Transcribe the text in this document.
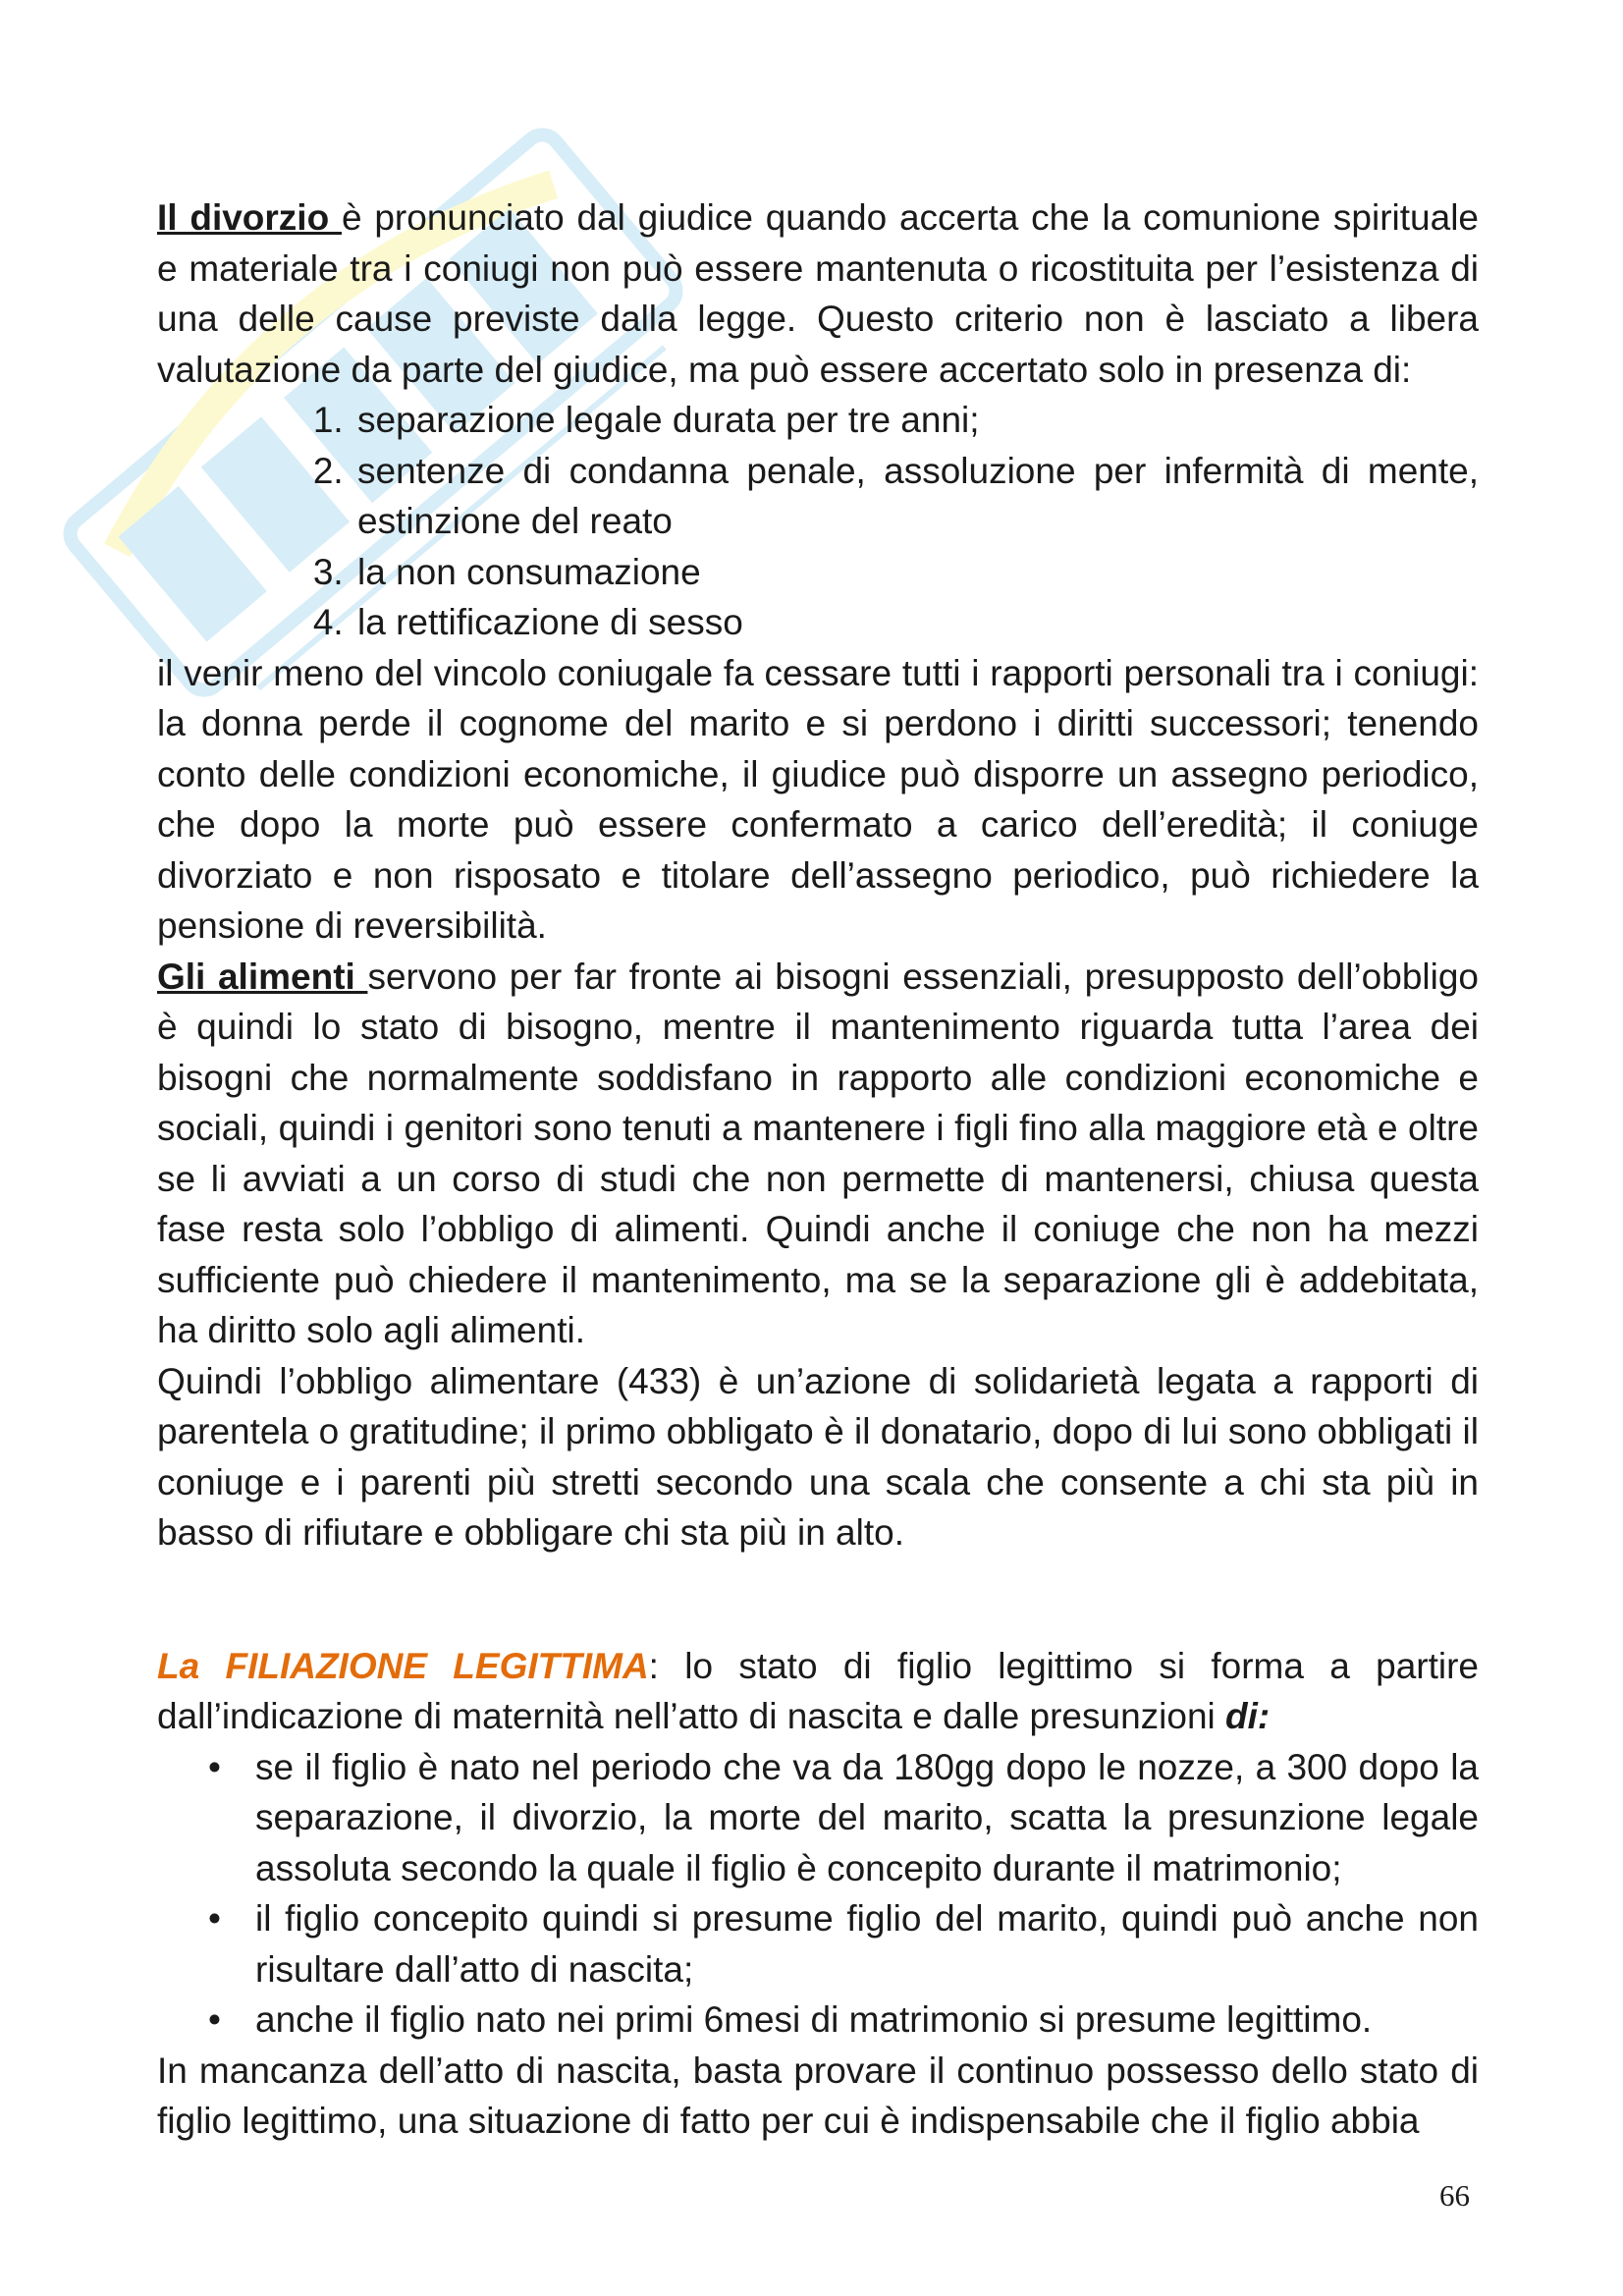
Il divorzio è pronunciato dal giudice quando accerta che la comunione spirituale e materiale tra i coniugi non può essere mantenuta o ricostituita per l’esistenza di una delle cause previste dalla legge. Questo criterio non è lasciato a libera valutazione da parte del giudice, ma può essere accertato solo in presenza di:

1. separazione legale durata per tre anni;
2. sentenze di condanna penale, assoluzione per infermità di mente, estinzione del reato
3. la non consumazione
4. la rettificazione di sesso

il venir meno del vincolo coniugale fa cessare tutti i rapporti personali tra i coniugi: la donna perde il cognome del marito e si perdono i diritti successori; tenendo conto delle condizioni economiche, il giudice può disporre un assegno periodico, che dopo la morte può essere confermato a carico dell’eredità; il coniuge divorziato e non risposato e titolare dell’assegno periodico, può richiedere la pensione di reversibilità.

Gli alimenti servono per far fronte ai bisogni essenziali, presupposto dell’obbligo è quindi lo stato di bisogno, mentre il mantenimento riguarda tutta l’area dei bisogni che normalmente soddisfano in rapporto alle condizioni economiche e sociali, quindi i genitori sono tenuti a mantenere i figli fino alla maggiore età e oltre se li avviati a un corso di studi che non permette di mantenersi, chiusa questa fase resta solo l’obbligo di alimenti. Quindi anche il coniuge che non ha mezzi sufficiente può chiedere il mantenimento, ma se la separazione gli è addebitata, ha diritto solo agli alimenti.

Quindi l’obbligo alimentare (433) è un’azione di solidarietà legata a rapporti di parentela o gratitudine; il primo obbligato è il donatario, dopo di lui sono obbligati il coniuge e i parenti più stretti secondo una scala che consente a chi sta più in basso di rifiutare e obbligare chi sta più in alto.

La FILIAZIONE LEGITTIMA: lo stato di figlio legittimo si forma a partire dall’indicazione di maternità nell’atto di nascita e dalle presunzioni di:

• se il figlio è nato nel periodo che va da 180gg dopo le nozze, a 300 dopo la separazione, il divorzio, la morte del marito, scatta la presunzione legale assoluta secondo la quale il figlio è concepito durante il matrimonio;
• il figlio concepito quindi si presume figlio del marito, quindi può anche non risultare dall’atto di nascita;
• anche il figlio nato nei primi 6mesi di matrimonio si presume legittimo.

In mancanza dell’atto di nascita, basta provare il continuo possesso dello stato di figlio legittimo, una situazione di fatto per cui è indispensabile che il figlio abbia

66
